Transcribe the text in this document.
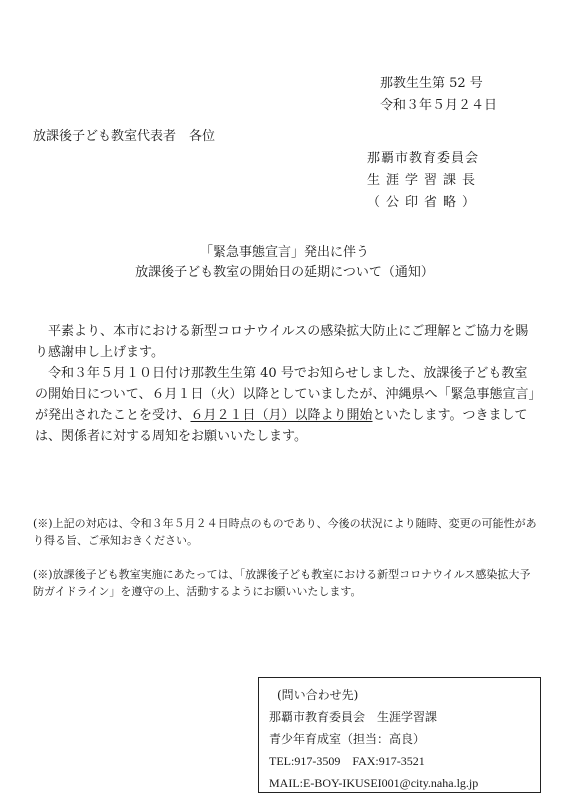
那教生生第 52 号
令和３年５月２４日
放課後子ども教室代表者　各位
那覇市教育委員会
生涯学習課長
（公印省略）
「緊急事態宣言」発出に伴う
放課後子ども教室の開始日の延期について（通知）

　平素より、本市における新型コロナウイルスの感染拡大防止にご理解とご協力を賜り感謝申し上げます。

　令和３年５月１０日付け那教生生第 40 号でお知らせしました、放課後子ども教室の開始日について、６月１日（火）以降としていましたが、沖縄県へ「緊急事態宣言」が発出されたことを受け、６月２１日（月）以降より開始といたします。つきましては、関係者に対する周知をお願いいたします。

(※)上記の対応は、令和３年５月２４日時点のものであり、今後の状況により随時、変更の可能性があり得る旨、ご承知おきください。
(※)放課後子ども教室実施にあたっては、「放課後子ども教室における新型コロナウイルス感染拡大予防ガイドライン」を遵守の上、活動するようにお願いいたします。
(問い合わせ先)
那覇市教育委員会　生涯学習課
青少年育成室（担当：高良）
TEL:917-3509　FAX:917-3521
MAIL:E-BOY-IKUSEI001@city.naha.lg.jp
